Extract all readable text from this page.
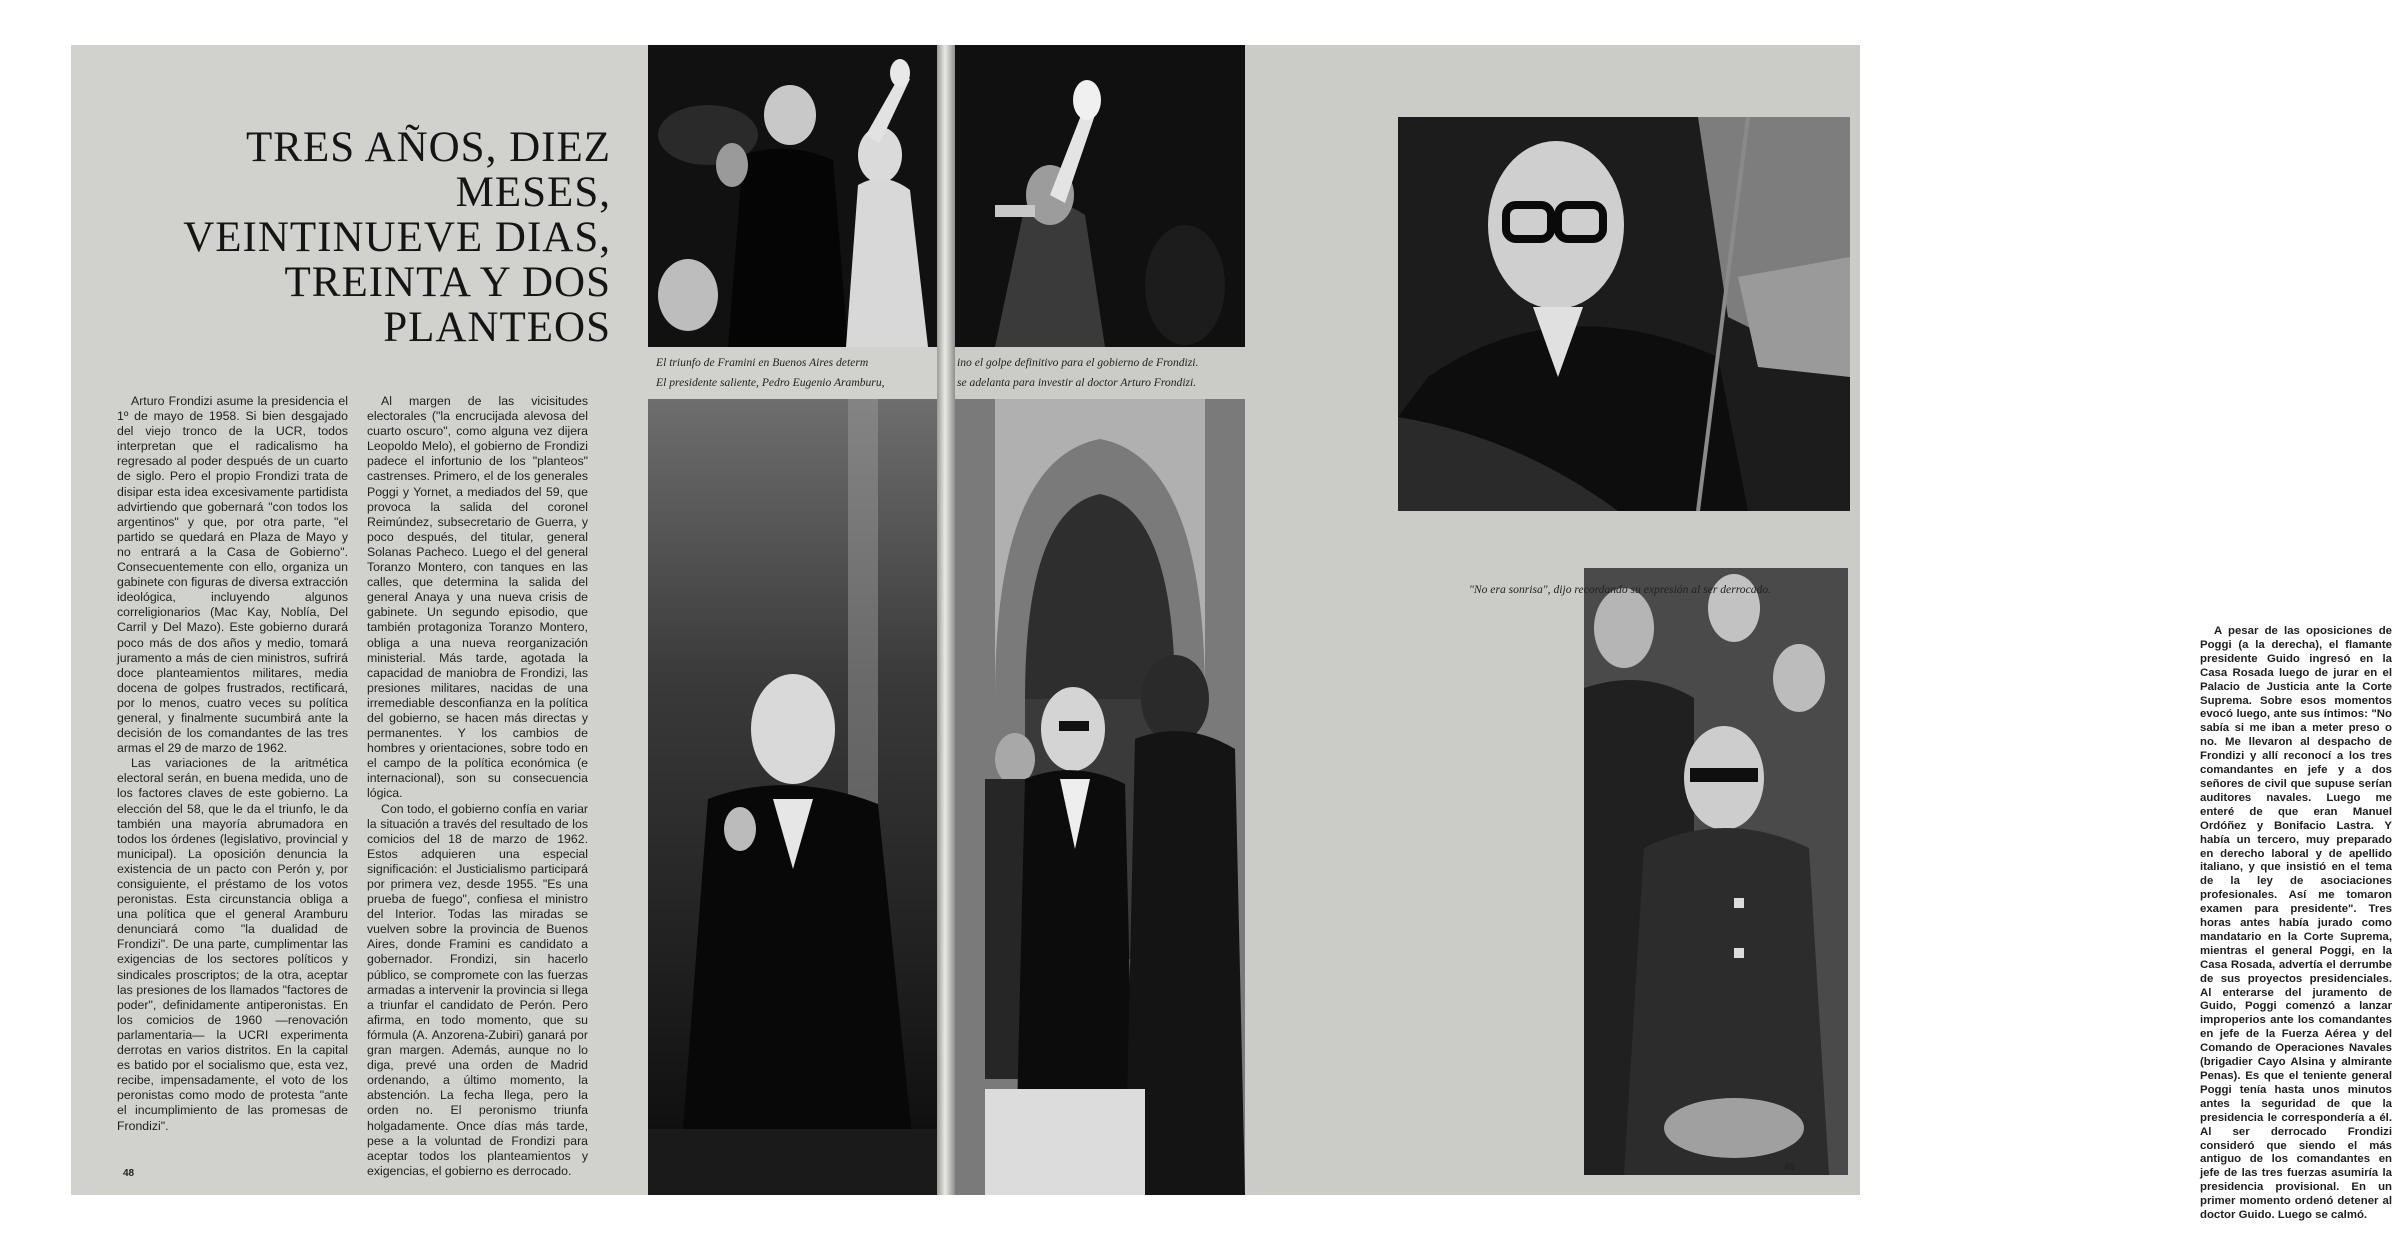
TRES AÑOS, DIEZ MESES,
VEINTINUEVE DIAS,
TREINTA Y DOS
PLANTEOS

Arturo Frondizi asume la presidencia el 1º de mayo de 1958. Si bien desgajado del viejo tronco de la UCR, todos interpretan que el radicalismo ha regresado al poder después de un cuarto de siglo. Pero el propio Frondizi trata de disipar esta idea excesivamente partidista advirtiendo que gobernará "con todos los argentinos" y que, por otra parte, "el partido se quedará en Plaza de Mayo y no entrará a la Casa de Gobierno". Consecuentemente con ello, organiza un gabinete con figuras de diversa extracción ideológica, incluyendo algunos correligionarios (Mac Kay, Noblía, Del Carril y Del Mazo). Este gobierno durará poco más de dos años y medio, tomará juramento a más de cien ministros, sufrirá doce planteamientos militares, media docena de golpes frustrados, rectificará, por lo menos, cuatro veces su política general, y finalmente sucumbirá ante la decisión de los comandantes de las tres armas el 29 de marzo de 1962.

Las variaciones de la aritmética electoral serán, en buena medida, uno de los factores claves de este gobierno. La elección del 58, que le da el triunfo, le da también una mayoría abrumadora en todos los órdenes (legislativo, provincial y municipal). La oposición denuncia la existencia de un pacto con Perón y, por consiguiente, el préstamo de los votos peronistas. Esta circunstancia obliga a una política que el general Aramburu denunciará como "la dualidad de Frondizi". De una parte, cumplimentar las exigencias de los sectores políticos y sindicales proscriptos; de la otra, aceptar las presiones de los llamados "factores de poder", definidamente antiperonistas. En los comicios de 1960 —renovación parlamentaria— la UCRI experimenta derrotas en varios distritos. En la capital es batido por el socialismo que, esta vez, recibe, impensadamente, el voto de los peronistas como modo de protesta "ante el incumplimiento de las promesas de Frondizi".

Al margen de las vicisitudes electorales ("la encrucijada alevosa del cuarto oscuro", como alguna vez dijera Leopoldo Melo), el gobierno de Frondizi padece el infortunio de los "planteos" castrenses. Primero, el de los generales Poggi y Yornet, a mediados del 59, que provoca la salida del coronel Reimúndez, subsecretario de Guerra, y poco después, del titular, general Solanas Pacheco. Luego el del general Toranzo Montero, con tanques en las calles, que determina la salida del general Anaya y una nueva crisis de gabinete. Un segundo episodio, que también protagoniza Toranzo Montero, obliga a una nueva reorganización ministerial. Más tarde, agotada la capacidad de maniobra de Frondizi, las presiones militares, nacidas de una irremediable desconfianza en la política del gobierno, se hacen más directas y permanentes. Y los cambios de hombres y orientaciones, sobre todo en el campo de la política económica (e internacional), son su consecuencia lógica.

Con todo, el gobierno confía en variar la situación a través del resultado de los comicios del 18 de marzo de 1962. Estos adquieren una especial significación: el Justicialismo participará por primera vez, desde 1955. "Es una prueba de fuego", confiesa el ministro del Interior. Todas las miradas se vuelven sobre la provincia de Buenos Aires, donde Framini es candidato a gobernador. Frondizi, sin hacerlo público, se compromete con las fuerzas armadas a intervenir la provincia si llega a triunfar el candidato de Perón. Pero afirma, en todo momento, que su fórmula (A. Anzorena-Zubiri) ganará por gran margen. Además, aunque no lo diga, prevé una orden de Madrid ordenando, a último momento, la abstención. La fecha llega, pero la orden no. El peronismo triunfa holgadamente. Once días más tarde, pese a la voluntad de Frondizi para aceptar todos los planteamientos y exigencias, el gobierno es derrocado.

A pesar de las oposiciones de Poggi (a la derecha), el flamante presidente Guido ingresó en la Casa Rosada luego de jurar en el Palacio de Justicia ante la Corte Suprema. Sobre esos momentos evocó luego, ante sus íntimos: "No sabía si me iban a meter preso o no. Me llevaron al despacho de Frondizi y allí reconocí a los tres comandantes en jefe y a dos señores de civil que supuse serían auditores navales. Luego me enteré de que eran Manuel Ordóñez y Bonifacio Lastra. Y había un tercero, muy preparado en derecho laboral y de apellido italiano, y que insistió en el tema de la ley de asociaciones profesionales. Así me tomaron examen para presidente". Tres horas antes había jurado como mandatario en la Corte Suprema, mientras el general Poggi, en la Casa Rosada, advertía el derrumbe de sus proyectos presidenciales. Al enterarse del juramento de Guido, Poggi comenzó a lanzar improperios ante los comandantes en jefe de la Fuerza Aérea y del Comando de Operaciones Navales (brigadier Cayo Alsina y almirante Penas). Es que el teniente general Poggi tenía hasta unos minutos antes la seguridad de que la presidencia le correspondería a él. Al ser derrocado Frondizi consideró que siendo el más antiguo de los comandantes en jefe de las tres fuerzas asumiría la presidencia provisional. En un primer momento ordenó detener al doctor Guido. Luego se calmó.

El triunfo de Framini en Buenos Aires determ	ino el golpe definitivo para el gobierno de Frondizi.
El presidente saliente, Pedro Eugenio Aramburu,	se adelanta para investir al doctor Arturo Frondizi.
"No era sonrisa", dijo recordando su expresión al ser derrocado.
48
49
